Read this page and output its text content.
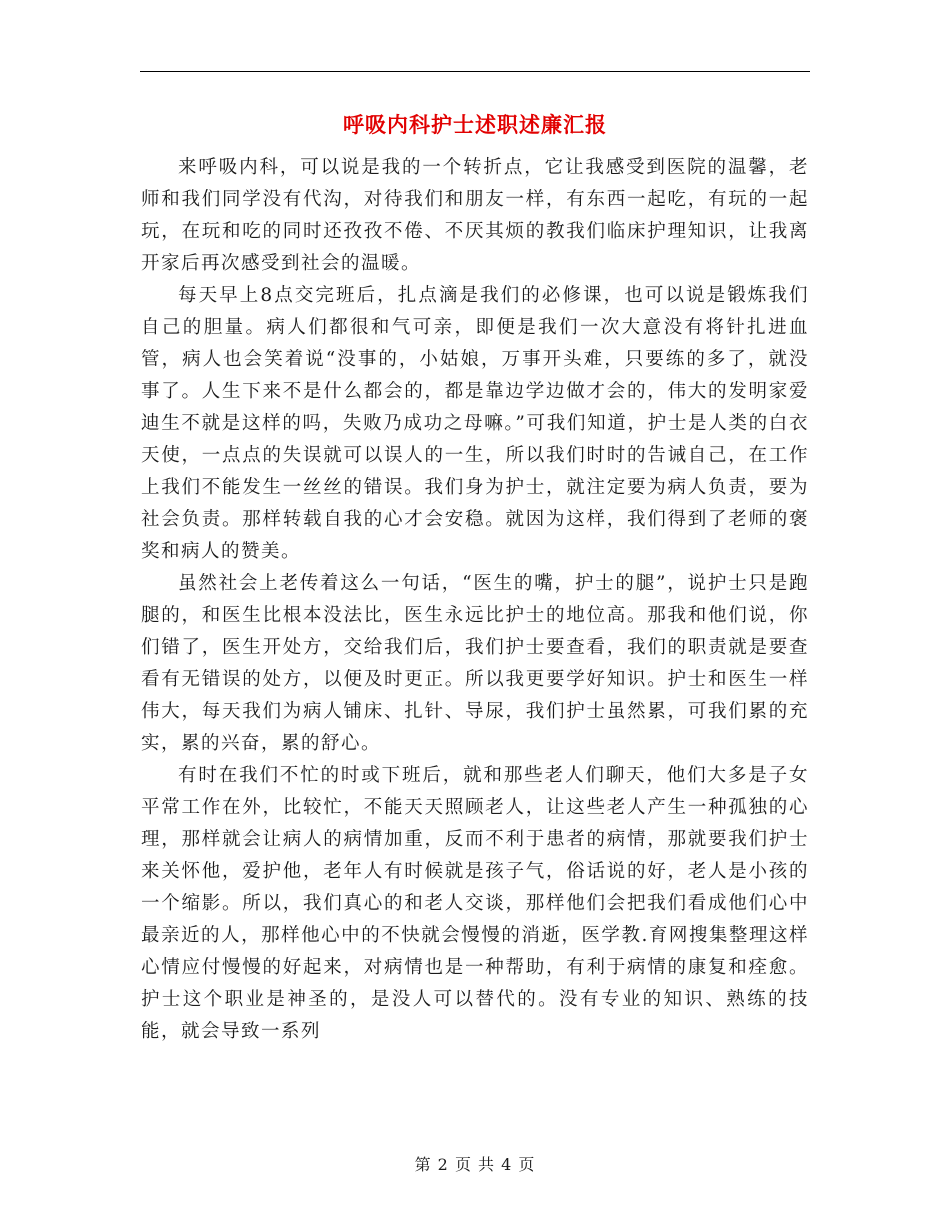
呼吸内科护士述职述廉汇报

来呼吸内科，可以说是我的一个转折点，它让我感受到医院的温馨，老师和我们同学没有代沟，对待我们和朋友一样，有东西一起吃，有玩的一起玩，在玩和吃的同时还孜孜不倦、不厌其烦的教我们临床护理知识，让我离开家后再次感受到社会的温暖。

每天早上8点交完班后，扎点滴是我们的必修课，也可以说是锻炼我们自己的胆量。病人们都很和气可亲，即便是我们一次大意没有将针扎进血管，病人也会笑着说“没事的，小姑娘，万事开头难，只要练的多了，就没事了。人生下来不是什么都会的，都是靠边学边做才会的，伟大的发明家爱迪生不就是这样的吗，失败乃成功之母嘛。”可我们知道，护士是人类的白衣天使，一点点的失误就可以误人的一生，所以我们时时的告诫自己，在工作上我们不能发生一丝丝的错误。我们身为护士，就注定要为病人负责，要为社会负责。那样转载自我的心才会安稳。就因为这样，我们得到了老师的褒奖和病人的赞美。

虽然社会上老传着这么一句话，“医生的嘴，护士的腿”，说护士只是跑腿的，和医生比根本没法比，医生永远比护士的地位高。那我和他们说，你们错了，医生开处方，交给我们后，我们护士要查看，我们的职责就是要查看有无错误的处方，以便及时更正。所以我更要学好知识。护士和医生一样伟大，每天我们为病人铺床、扎针、导尿，我们护士虽然累，可我们累的充实，累的兴奋，累的舒心。

有时在我们不忙的时或下班后，就和那些老人们聊天，他们大多是子女平常工作在外，比较忙，不能天天照顾老人，让这些老人产生一种孤独的心理，那样就会让病人的病情加重，反而不利于患者的病情，那就要我们护士来关怀他，爱护他，老年人有时候就是孩子气，俗话说的好，老人是小孩的一个缩影。所以，我们真心的和老人交谈，那样他们会把我们看成他们心中最亲近的人，那样他心中的不快就会慢慢的消逝，医学教.育网搜集整理这样心情应付慢慢的好起来，对病情也是一种帮助，有利于病情的康复和痊愈。护士这个职业是神圣的，是没人可以替代的。没有专业的知识、熟练的技能，就会导致一系列

第 2 页 共 4 页
